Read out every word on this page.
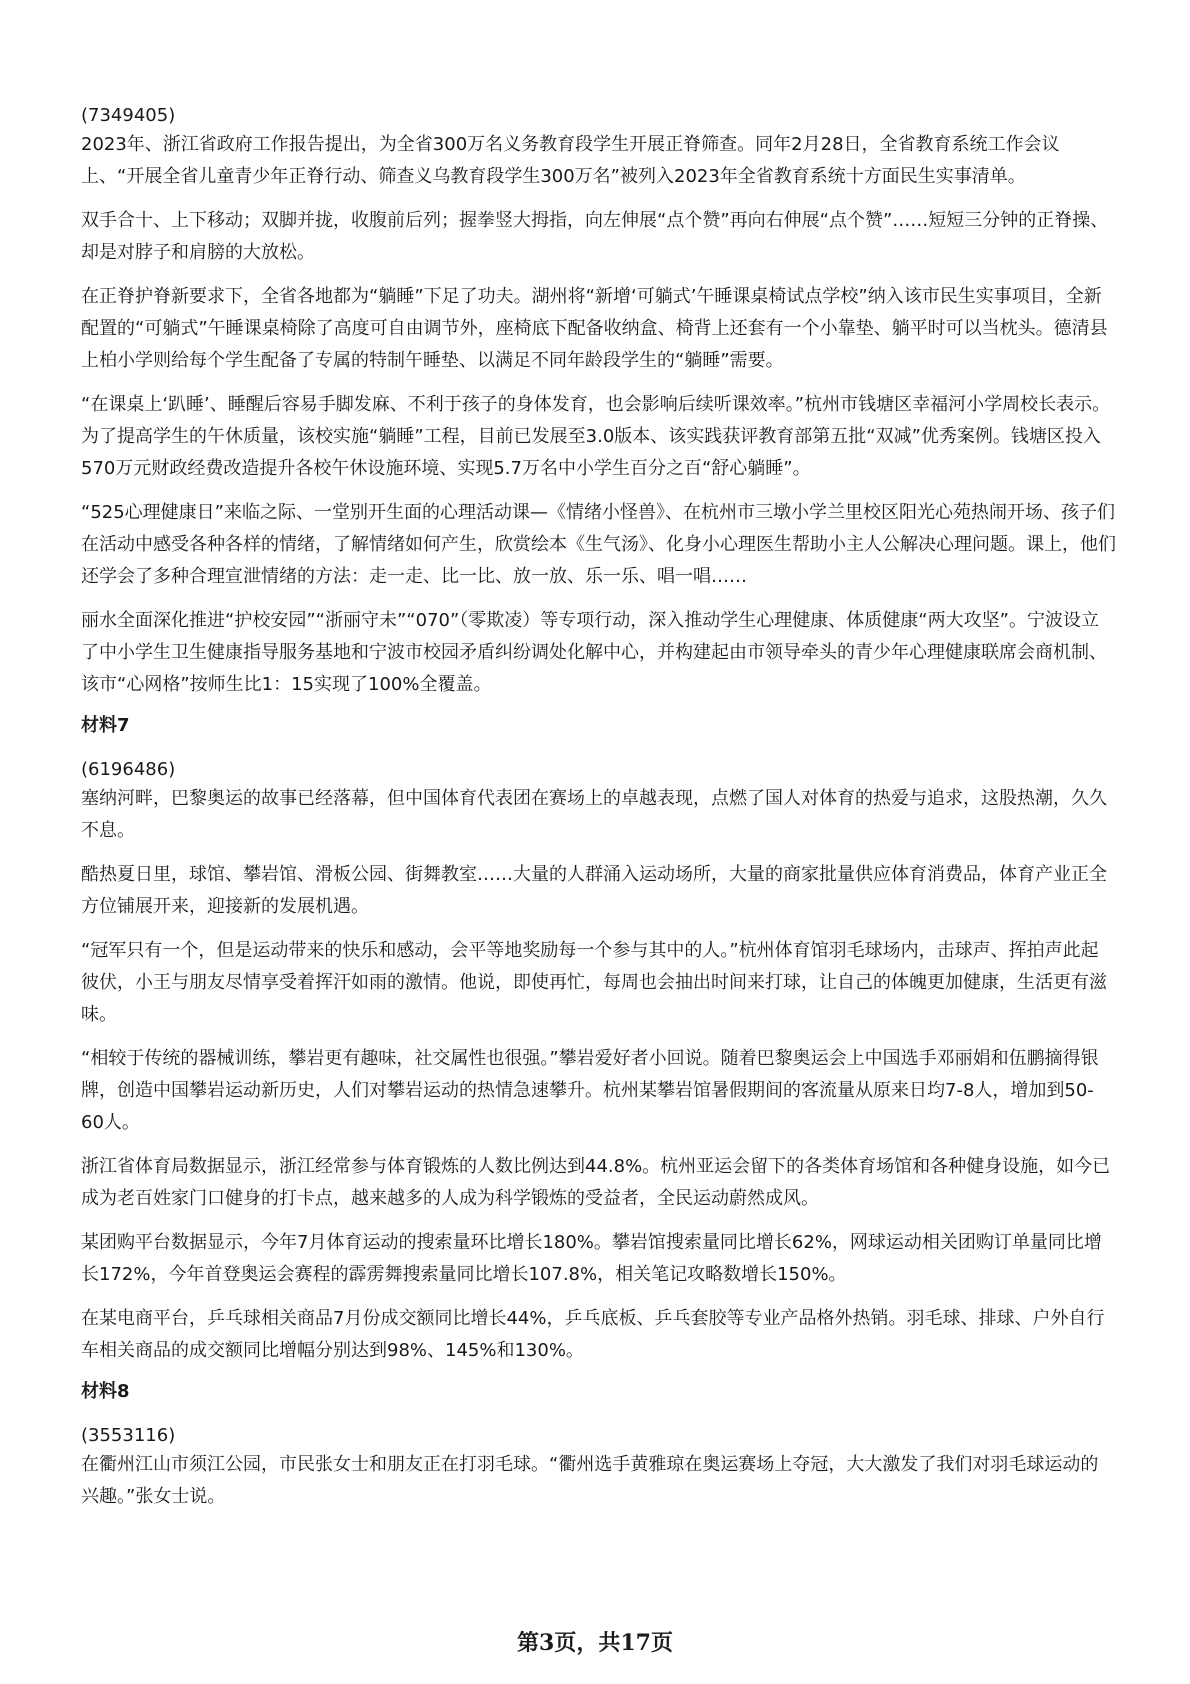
(7349405)

2023年、浙江省政府工作报告提出，为全省300万名义务教育段学生开展正脊筛查。同年2月28日，全省教育系统工作会议上、“开展全省儿童青少年正脊行动、筛查义乌教育段学生300万名”被列入2023年全省教育系统十方面民生实事清单。

双手合十、上下移动；双脚并拢，收腹前后列；握拳竖大拇指，向左伸展“点个赞”再向右伸展“点个赞”……短短三分钟的正脊操、却是对脖子和肩膀的大放松。

在正脊护脊新要求下，全省各地都为“躺睡”下足了功夫。湖州将“新增‘可躺式’午睡课桌椅试点学校”纳入该市民生实事项目，全新配置的“可躺式”午睡课桌椅除了高度可自由调节外，座椅底下配备收纳盒、椅背上还套有一个小靠垫、躺平时可以当枕头。德清县上柏小学则给每个学生配备了专属的特制午睡垫、以满足不同年龄段学生的“躺睡”需要。

“在课桌上‘趴睡’、睡醒后容易手脚发麻、不利于孩子的身体发育，也会影响后续听课效率。”杭州市钱塘区幸福河小学周校长表示。为了提高学生的午休质量，该校实施“躺睡”工程，目前已发展至3.0版本、该实践获评教育部第五批“双减”优秀案例。钱塘区投入570万元财政经费改造提升各校午休设施环境、实现5.7万名中小学生百分之百“舒心躺睡”。

“525心理健康日”来临之际、一堂别开生面的心理活动课—《情绪小怪兽》、在杭州市三墩小学兰里校区阳光心苑热闹开场、孩子们在活动中感受各种各样的情绪，了解情绪如何产生，欣赏绘本《生气汤》、化身小心理医生帮助小主人公解决心理问题。课上，他们还学会了多种合理宣泄情绪的方法：走一走、比一比、放一放、乐一乐、唱一唱……

丽水全面深化推进“护校安园”“浙丽守未”“070”（零欺凌）等专项行动，深入推动学生心理健康、体质健康“两大攻坚”。宁波设立了中小学生卫生健康指导服务基地和宁波市校园矛盾纠纷调处化解中心，并构建起由市领导牵头的青少年心理健康联席会商机制、该市“心网格”按师生比1：15实现了100%全覆盖。

材料7

(6196486)

塞纳河畔，巴黎奥运的故事已经落幕，但中国体育代表团在赛场上的卓越表现，点燃了国人对体育的热爱与追求，这股热潮，久久不息。

酷热夏日里，球馆、攀岩馆、滑板公园、街舞教室……大量的人群涌入运动场所，大量的商家批量供应体育消费品，体育产业正全方位铺展开来，迎接新的发展机遇。

“冠军只有一个，但是运动带来的快乐和感动，会平等地奖励每一个参与其中的人。”杭州体育馆羽毛球场内，击球声、挥拍声此起彼伏，小王与朋友尽情享受着挥汗如雨的激情。他说，即使再忙，每周也会抽出时间来打球，让自己的体魄更加健康，生活更有滋味。

“相较于传统的器械训练，攀岩更有趣味，社交属性也很强。”攀岩爱好者小回说。随着巴黎奥运会上中国选手邓丽娟和伍鹏摘得银牌，创造中国攀岩运动新历史，人们对攀岩运动的热情急速攀升。杭州某攀岩馆暑假期间的客流量从原来日均7-8人，增加到50-60人。

浙江省体育局数据显示，浙江经常参与体育锻炼的人数比例达到44.8%。杭州亚运会留下的各类体育场馆和各种健身设施，如今已成为老百姓家门口健身的打卡点，越来越多的人成为科学锻炼的受益者，全民运动蔚然成风。

某团购平台数据显示，今年7月体育运动的搜索量环比增长180%。攀岩馆搜索量同比增长62%，网球运动相关团购订单量同比增长172%，今年首登奥运会赛程的霹雳舞搜索量同比增长107.8%，相关笔记攻略数增长150%。

在某电商平台，乒乓球相关商品7月份成交额同比增长44%，乒乓底板、乒乓套胶等专业产品格外热销。羽毛球、排球、户外自行车相关商品的成交额同比增幅分别达到98%、145%和130%。

材料8

(3553116)

在衢州江山市须江公园，市民张女士和朋友正在打羽毛球。“衢州选手黄雅琼在奥运赛场上夺冠，大大激发了我们对羽毛球运动的兴趣。”张女士说。

第3页，共17页
